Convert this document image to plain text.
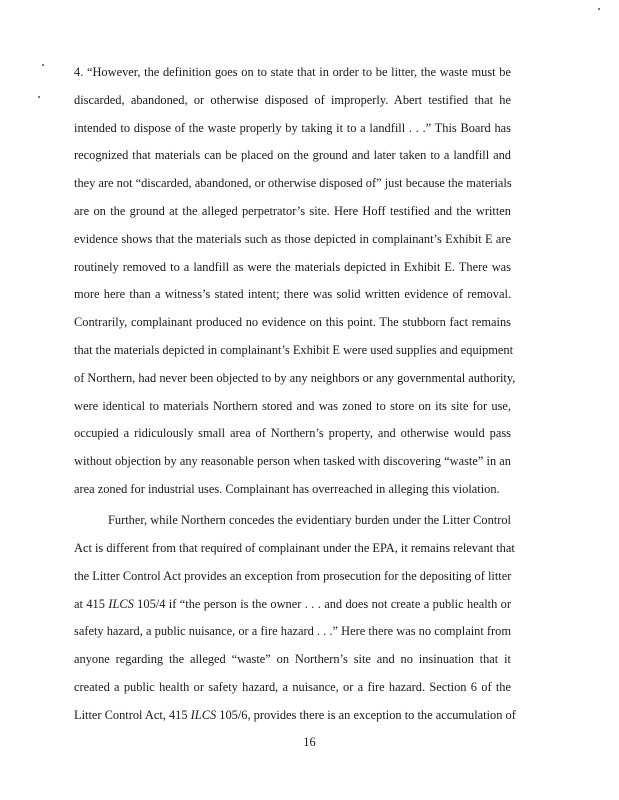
4. “However, the definition goes on to state that in order to be litter, the waste must be
discarded, abandoned, or otherwise disposed of improperly. Abert testified that he
intended to dispose of the waste properly by taking it to a landfill . . .” This Board has
recognized that materials can be placed on the ground and later taken to a landfill and
they are not “discarded, abandoned, or otherwise disposed of” just because the materials
are on the ground at the alleged perpetrator’s site. Here Hoff testified and the written
evidence shows that the materials such as those depicted in complainant’s Exhibit E are
routinely removed to a landfill as were the materials depicted in Exhibit E. There was
more here than a witness’s stated intent; there was solid written evidence of removal.
Contrarily, complainant produced no evidence on this point. The stubborn fact remains
that the materials depicted in complainant’s Exhibit E were used supplies and equipment
of Northern, had never been objected to by any neighbors or any governmental authority,
were identical to materials Northern stored and was zoned to store on its site for use,
occupied a ridiculously small area of Northern’s property, and otherwise would pass
without objection by any reasonable person when tasked with discovering “waste” in an
area zoned for industrial uses. Complainant has overreached in alleging this violation.
Further, while Northern concedes the evidentiary burden under the Litter Control
Act is different from that required of complainant under the EPA, it remains relevant that
the Litter Control Act provides an exception from prosecution for the depositing of litter
at 415 ILCS 105/4 if “the person is the owner . . . and does not create a public health or
safety hazard, a public nuisance, or a fire hazard . . .” Here there was no complaint from
anyone regarding the alleged “waste” on Northern’s site and no insinuation that it
created a public health or safety hazard, a nuisance, or a fire hazard. Section 6 of the
Litter Control Act, 415 ILCS 105/6, provides there is an exception to the accumulation of
16
